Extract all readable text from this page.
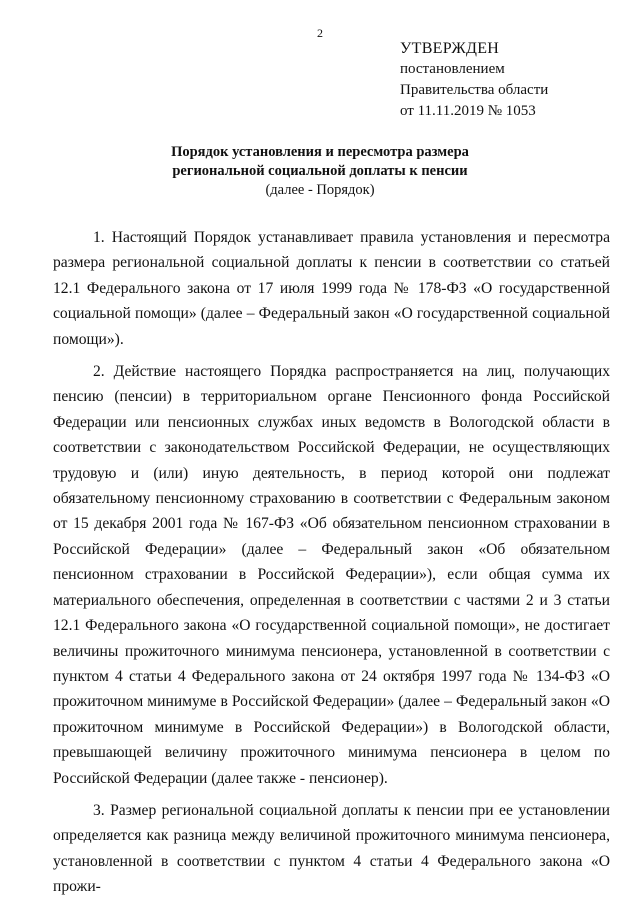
2
УТВЕРЖДЕН
постановлением
Правительства области
от 11.11.2019 № 1053
Порядок установления и пересмотра размера
региональной социальной доплаты к пенсии
(далее - Порядок)

1. Настоящий Порядок устанавливает правила установления и пересмотра размера региональной социальной доплаты к пенсии в соответствии со статьей 12.1 Федерального закона от 17 июля 1999 года № 178-ФЗ «О государственной социальной помощи» (далее – Федеральный закон «О государственной социальной помощи»).

2. Действие настоящего Порядка распространяется на лиц, получающих пенсию (пенсии) в территориальном органе Пенсионного фонда Российской Федерации или пенсионных службах иных ведомств в Вологодской области в соответствии с законодательством Российской Федерации, не осуществляющих трудовую и (или) иную деятельность, в период которой они подлежат обязательному пенсионному страхованию в соответствии с Федеральным законом от 15 декабря 2001 года № 167-ФЗ «Об обязательном пенсионном страховании в Российской Федерации» (далее – Федеральный закон «Об обязательном пенсионном страховании в Российской Федерации»), если общая сумма их материального обеспечения, определенная в соответствии с частями 2 и 3 статьи 12.1 Федерального закона «О государственной социальной помощи», не достигает величины прожиточного минимума пенсионера, установленной в соответствии с пунктом 4 статьи 4 Федерального закона от 24 октября 1997 года № 134-ФЗ «О прожиточном минимуме в Российской Федерации» (далее – Федеральный закон «О прожиточном минимуме в Российской Федерации») в Вологодской области, превышающей величину прожиточного минимума пенсионера в целом по Российской Федерации (далее также - пенсионер).

3. Размер региональной социальной доплаты к пенсии при ее установлении определяется как разница между величиной прожиточного минимума пенсионера, установленной в соответствии с пунктом 4 статьи 4 Федерального закона «О прожи-
